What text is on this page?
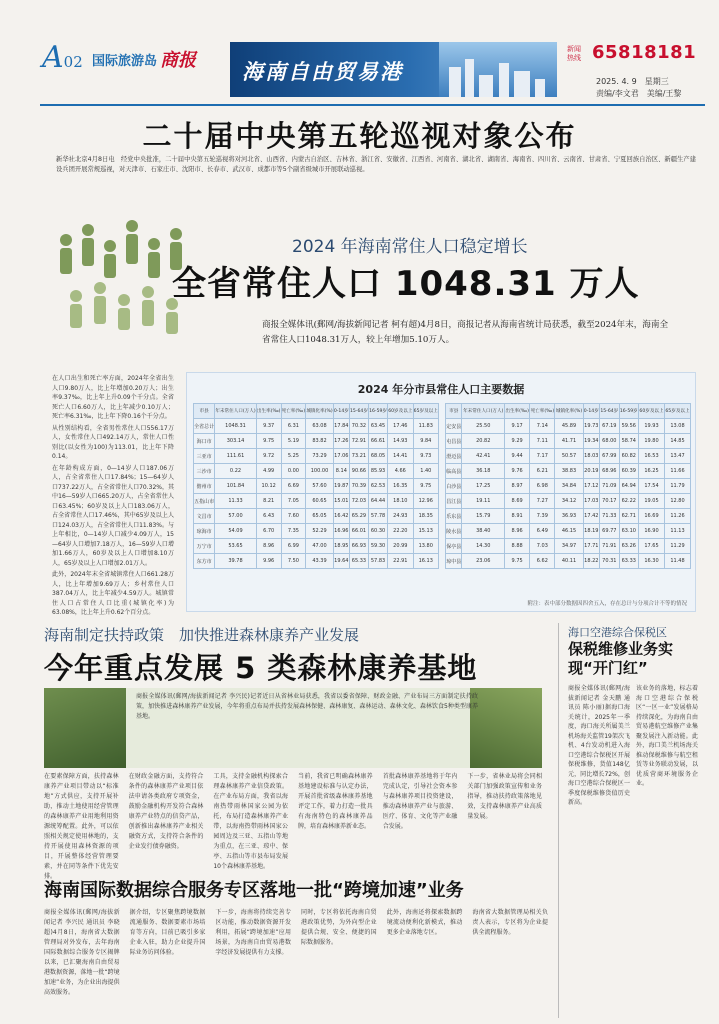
A02 国际旅游岛 商报 海南自由贸易港
新闻热线 65818181
2025. 4. 9　星期三
责编/李文君　美编/王黎
二十届中央第五轮巡视对象公布
新华社北京4月8日电　经党中央批准，二十届中央第五轮巡视将对河北省、山西省、内蒙古自治区、吉林省、浙江省、安徽省、江西省、河南省、湖北省、湖南省、海南省、四川省、云南省、甘肃省、宁夏回族自治区、新疆生产建设兵团开展常规巡视，对天津市、石家庄市、沈阳市、长春市、武汉市、成都市等5个副省级城市开展联动巡视。
2024 年海南常住人口稳定增长
全省常住人口 1048.31 万人
商报全媒体讯(郵网/海拔新闻记者 柯有超)4月8日，商报记者从海南省统计局获悉，截至2024年末，海南全省常住人口1048.31万人，较上年增加5.10万人。

在人口出生和死亡率方面，2024年全省出生人口9.80万人，比上年增加0.20万人；出生率9.37‰，比上年上升0.09个千分点。全省死亡人口6.60万人，比上年减少0.10万人；死亡率6.31‰，比上年下降0.16个千分点。

从性别结构看，全省男性常住人口556.17万人，女性常住人口492.14万人，常住人口性别比(以女性为100)为113.01，比上年下降0.14。

在年龄构成方面，0—14岁人口187.06万人，占全省常住人口17.84%；15—64岁人口737.22万人，占全省常住人口70.32%，其中16—59岁人口665.20万人，占全省常住人口63.45%；60岁及以上人口183.06万人，占全省常住人口17.46%，其中65岁及以上人口124.03万人，占全省常住人口11.83%。与上年相比，0—14岁人口减少4.09万人，15—64岁人口增加7.18万人，16—59岁人口增加1.66万人，60岁及以上人口增加8.10万人，65岁及以上人口增加2.01万人。

此外，2024年末全省城镇常住人口661.28万人，比上年增加9.69万人；乡村常住人口387.04万人，比上年减少4.59万人。城镇常住人口占常住人口比重(城镇化率)为63.08%，比上年上升0.62个百分点。

2024 年分市县常住人口主要数据
市县	年末常住人口(万人)	出生率(‰)	死亡率(‰)	城镇化率(%)	0-14岁	15-64岁	16-59岁	60岁及以上	65岁及以上
全省总计	1048.31	9.37	6.31	63.08	17.84	70.32	63.45	17.46	11.83
海口市	303.14	9.75	5.19	83.82	17.26	72.91	66.61	14.93	9.84
三亚市	111.61	9.72	5.25	73.29	17.06	73.21	68.05	14.41	9.73
三沙市	0.22	4.99	0.00	100.00	8.14	90.66	85.93	4.66	1.40
儋州市	101.84	10.12	6.69	57.60	19.87	70.39	62.53	16.35	9.75
五指山市	11.33	8.21	7.05	60.65	15.01	72.03	64.44	18.10	12.96
文昌市	57.00	6.43	7.60	65.05	16.42	65.29	57.78	24.93	18.35
琼海市	54.09	6.70	7.35	52.29	16.96	66.01	60.30	22.20	15.13
万宁市	53.65	8.96	6.99	47.00	18.95	66.93	59.30	20.99	13.80
东方市	39.78	9.96	7.50	43.39	19.64	65.33	57.83	22.91	16.13
市县	年末常住人口(万人)	出生率(‰)	死亡率(‰)	城镇化率(%)	0-14岁	15-64岁	16-59岁	60岁及以上	65岁及以上
定安县	25.50	9.17	7.14	45.89	19.73	67.19	59.56	19.93	13.08
屯昌县	20.82	9.29	7.11	41.71	19.34	68.00	58.74	19.80	14.85
澄迈县	42.41	9.44	7.17	50.57	18.03	67.99	60.82	16.53	13.47
临高县	36.18	9.76	6.21	38.83	20.19	68.96	60.39	16.25	11.66
白沙县	17.25	8.97	6.98	34.84	17.12	71.09	64.94	17.54	11.79
昌江县	19.11	8.69	7.27	34.12	17.03	70.17	62.22	19.05	12.80
乐东县	15.79	8.91	7.39	36.93	17.42	71.33	62.71	16.69	11.26
陵水县	38.40	8.96	6.49	46.15	18.19	69.77	63.10	16.90	11.13
保亭县	14.30	8.88	7.03	34.97	17.71	71.91	63.26	17.65	11.29
琼中县	23.06	9.75	6.62	40.11	18.22	70.31	63.33	16.30	11.48
附注：表中部分数据因四舍五入，存在总计与分项合计不等的情况
海南制定扶持政策　加快推进森林康养产业发展
今年重点发展 5 类森林康养基地
商报全媒体讯(郵网/海拔新闻记者 李兴民)记者近日从省林业局获悉，我省以委省保障、财政金融、产业布局三方面制定扶持政策，加快推进森林康养产业发展，今年将重点布局并扶持发展森林保健、森林康复、森林运动、森林文化、森林饮食5种类型康养基地。

在要素保障方面，扶持森林康养产业项目带动以“标准地”方式供应，支持开展补助，推动土地使用经营管理的森林康养产业用地利用资源统筹配置。此外，可以依照相关规定使用林地的，支持开展使用森林资源的项目，开展整体经营管理要素，并在同等条件下优先安排。

在财政金融方面，支持符合条件的森林康养产业项目依法申请各类政府专项资金，鼓励金融机构开发符合森林康养产业特点的信贷产品，创新推出森林康养产业相关融资方式，支持符合条件的企业发行债券融资。

工具，支持金融机构探索合理森林康养产业信贷政策。在产业布局方面，我省以海南热带雨林国家公园为依托，布局打造森林康养产业带，以海南热带雨林国家公园周边及三亚、五指山等地为重点，在三亚、琼中、保亭、五指山等市县布局发展10个森林康养基地。

当前，我省已明确森林康养基地建设标准与认定办法，开展首批省级森林康养基地评定工作，着力打造一批具有海南特色的森林康养品牌，培育森林康养新业态。

首批森林康养基地将于年内完成认定，引导社会资本参与森林康养项目投资建设，推动森林康养产业与旅游、医疗、体育、文化等产业融合发展。

下一步，省林业局将会同相关部门加强政策宣传和业务指导，推动扶持政策落地见效，支持森林康养产业高质量发展。

海口空港综合保税区
保税维修业务实现“开门红”

商报全媒体讯(郵网/海拔新闻记者 金天鹏 通讯员 陈小丽)据海口海关统计，2025年一季度，海口海关所属美兰机场海关监管19架次飞机、4台发动机进入海口空港综合保税区开展保税维修，货值148亿元，同比增长72%，创海口空港综合保税区一季度保税维修货值历史新高。

该业务的落地，标志着海口空港综合保税区“一区一业”发展格局持续深化，为海南自由贸易港航空维修产业集聚发展注入新动能。此外，海口美兰机场海关推动保税维修与航空租赁等业务联动发展，以优质营商环境服务企业。

海南国际数据综合服务专区落地一批“跨境加速”业务

商报全媒体讯(郵网/海拔新闻记者 李兴民 通讯员 李晓超)4月8日，海南省大数据管理局对外发布，去年海南国际数据综合服务专区揭牌以来，已汇聚海南自由贸易港数据资源，落地一批“跨境加速”业务，为企业出海提供高效服务。

据介绍，专区聚焦跨境数据流通服务、数据要素市场培育等方向，目前已吸引多家企业入驻，助力企业提升国际业务访问体验。

下一步，海南将持续完善专区功能，推动数据资源开发利用，拓展“跨境加速”应用场景，为海南自由贸易港数字经济发展提供有力支撑。

同时，专区将依托海南自贸港政策优势，为外向型企业提供合规、安全、便捷的国际数据服务。

此外，海南还将探索数据跨境流动便利化新模式，推动更多企业落地专区。

海南省大数据管理局相关负责人表示，专区将为企业提供全流程服务。
